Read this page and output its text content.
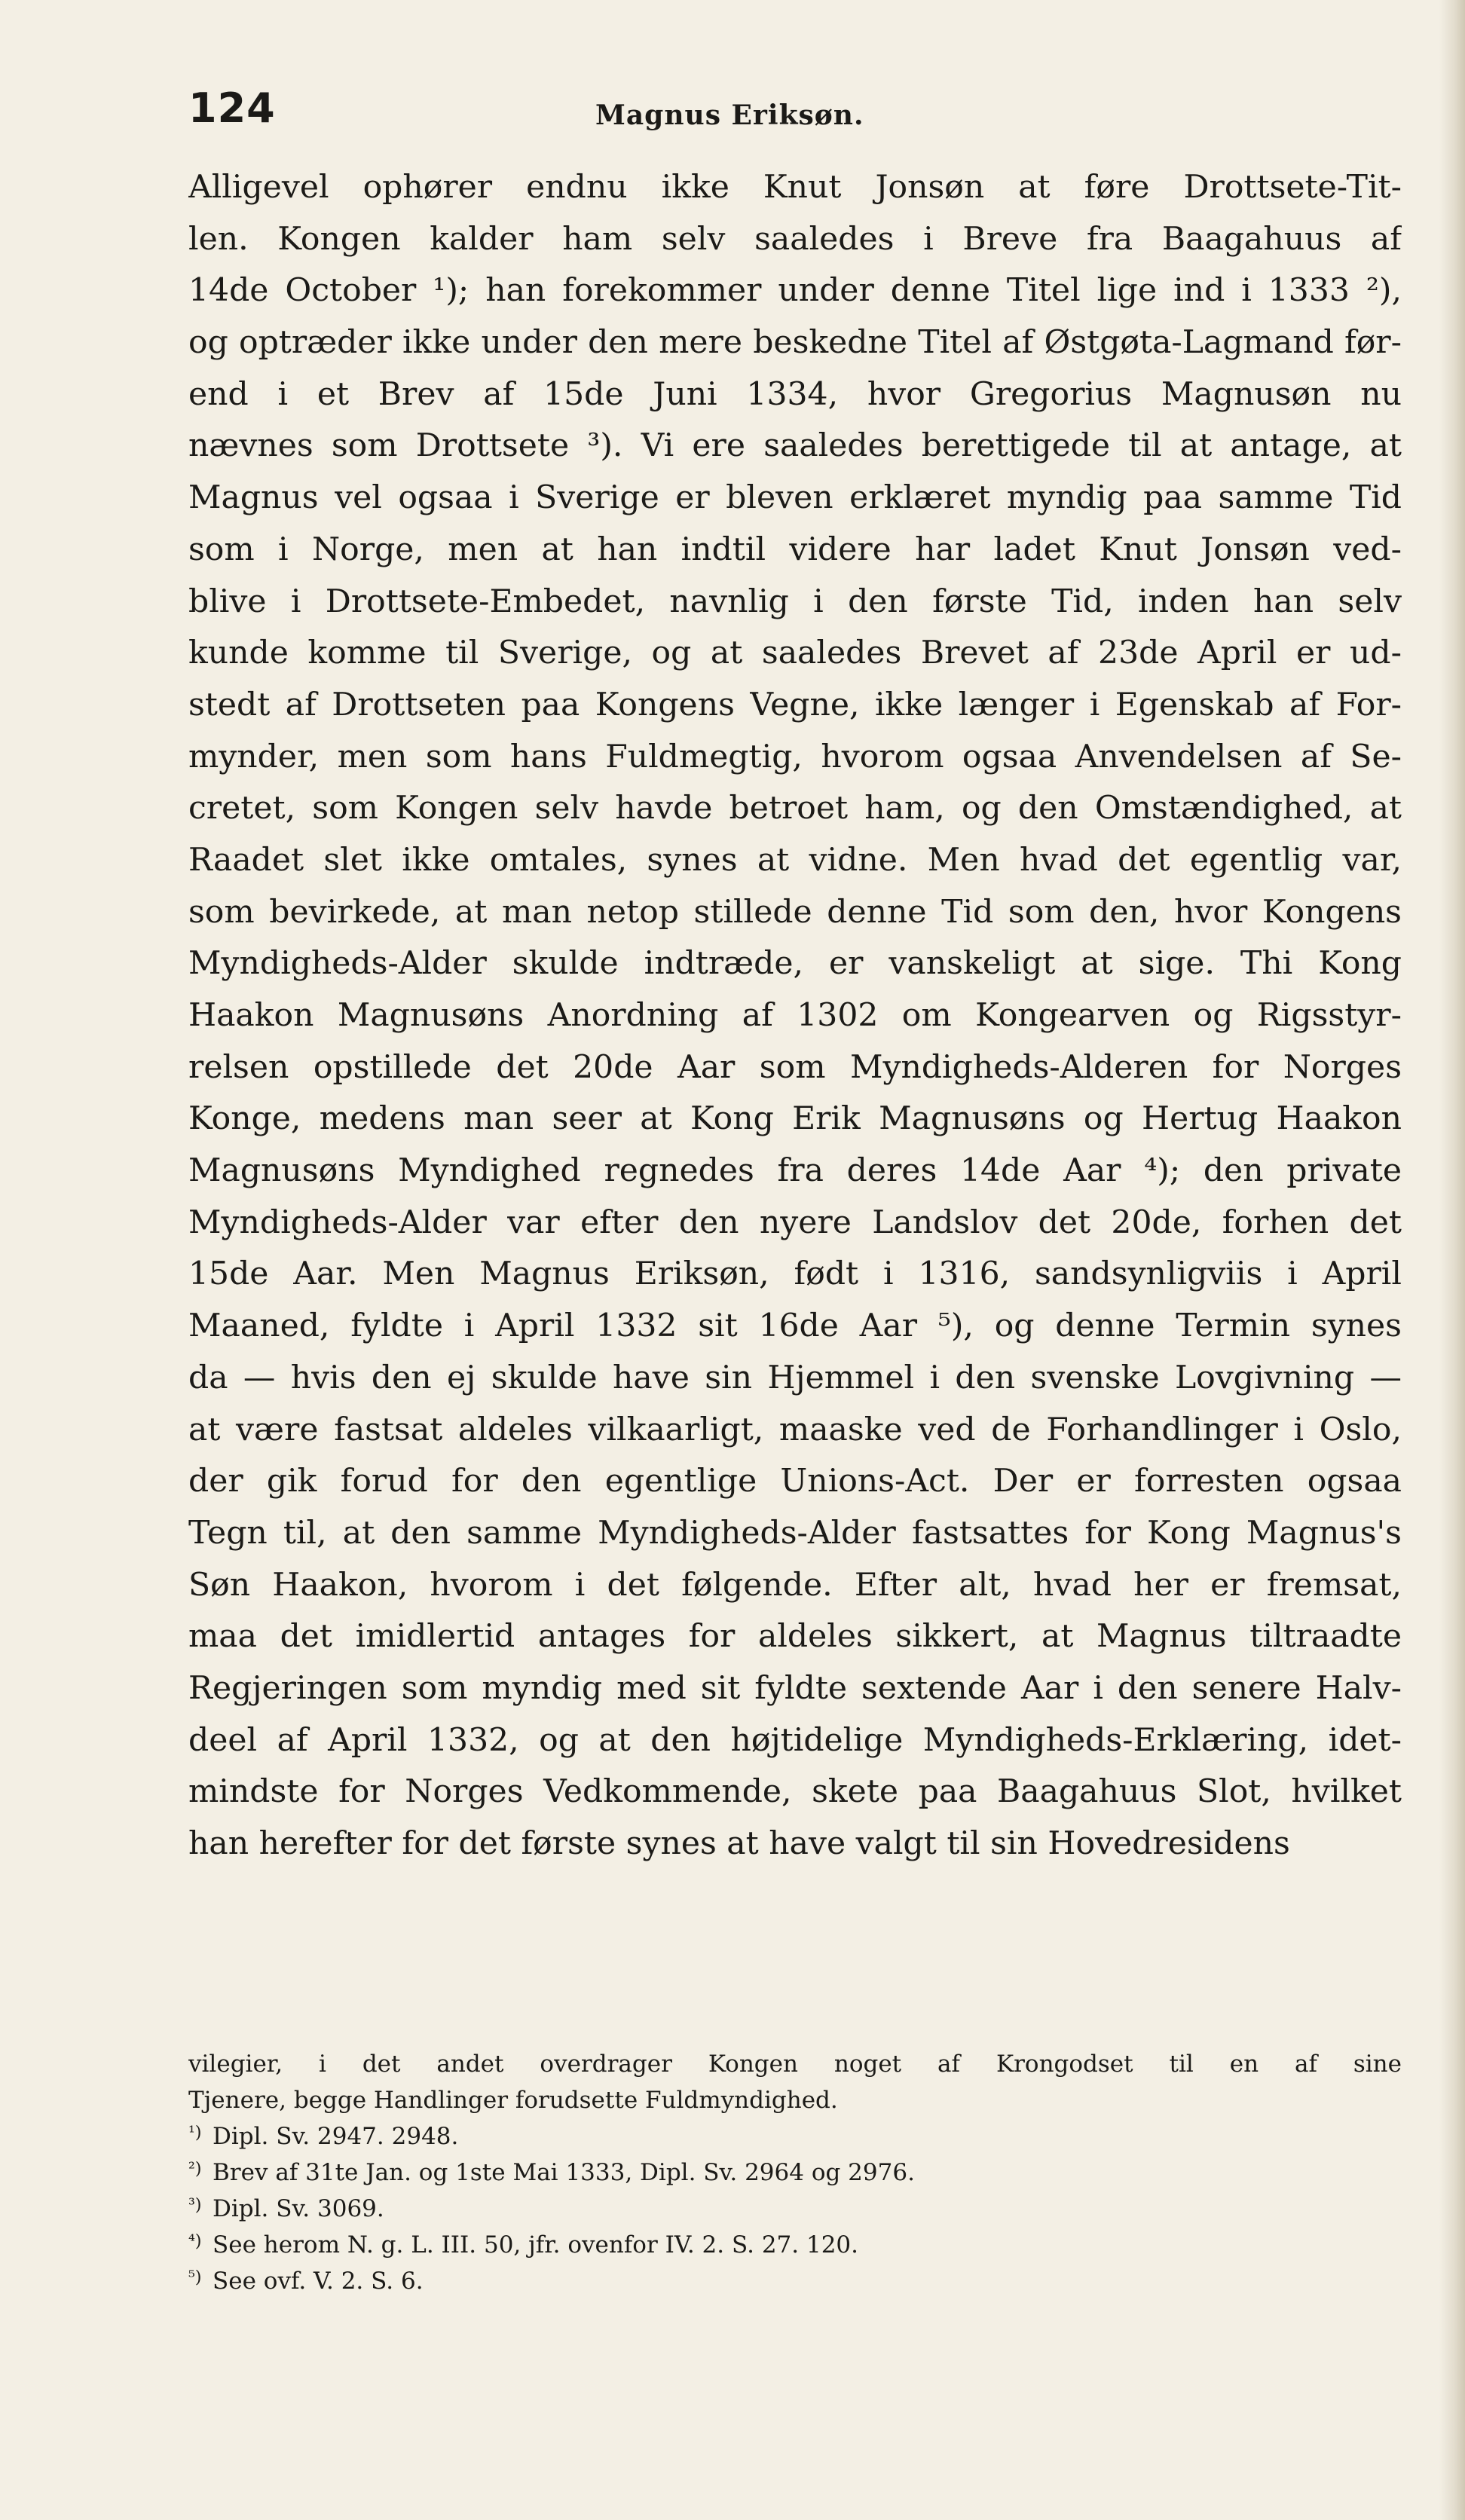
124	Magnus Eriksøn.
Alligevel ophører endnu ikke Knut Jonsøn at føre Drottsete-Tit-
len. Kongen kalder ham selv saaledes i Breve fra Baagahuus af
14de October ¹); han forekommer under denne Titel lige ind i 1333 ²),
og optræder ikke under den mere beskedne Titel af Østgøta-Lagmand før-
end i et Brev af 15de Juni 1334, hvor Gregorius Magnusøn nu
nævnes som Drottsete ³). Vi ere saaledes berettigede til at antage, at
Magnus vel ogsaa i Sverige er bleven erklæret myndig paa samme Tid
som i Norge, men at han indtil videre har ladet Knut Jonsøn ved-
blive i Drottsete-Embedet, navnlig i den første Tid, inden han selv
kunde komme til Sverige, og at saaledes Brevet af 23de April er ud-
stedt af Drottseten paa Kongens Vegne, ikke længer i Egenskab af For-
mynder, men som hans Fuldmegtig, hvorom ogsaa Anvendelsen af Se-
cretet, som Kongen selv havde betroet ham, og den Omstændighed, at
Raadet slet ikke omtales, synes at vidne. Men hvad det egentlig var,
som bevirkede, at man netop stillede denne Tid som den, hvor Kongens
Myndigheds-Alder skulde indtræde, er vanskeligt at sige. Thi Kong
Haakon Magnusøns Anordning af 1302 om Kongearven og Rigsstyr-
relsen opstillede det 20de Aar som Myndigheds-Alderen for Norges
Konge, medens man seer at Kong Erik Magnusøns og Hertug Haakon
Magnusøns Myndighed regnedes fra deres 14de Aar ⁴); den private
Myndigheds-Alder var efter den nyere Landslov det 20de, forhen det
15de Aar. Men Magnus Eriksøn, født i 1316, sandsynligviis i April
Maaned, fyldte i April 1332 sit 16de Aar ⁵), og denne Termin synes
da — hvis den ej skulde have sin Hjemmel i den svenske Lovgivning —
at være fastsat aldeles vilkaarligt, maaske ved de Forhandlinger i Oslo,
der gik forud for den egentlige Unions-Act. Der er forresten ogsaa
Tegn til, at den samme Myndigheds-Alder fastsattes for Kong Magnus's
Søn Haakon, hvorom i det følgende. Efter alt, hvad her er fremsat,
maa det imidlertid antages for aldeles sikkert, at Magnus tiltraadte
Regjeringen som myndig med sit fyldte sextende Aar i den senere Halv-
deel af April 1332, og at den højtidelige Myndigheds-Erklæring, idet-
mindste for Norges Vedkommende, skete paa Baagahuus Slot, hvilket
han herefter for det første synes at have valgt til sin Hovedresidens
vilegier, i det andet overdrager Kongen noget af Krongodset til en af sine
Tjenere, begge Handlinger forudsette Fuldmyndighed.
¹) Dipl. Sv. 2947. 2948.
²) Brev af 31te Jan. og 1ste Mai 1333, Dipl. Sv. 2964 og 2976.
³) Dipl. Sv. 3069.
⁴) See herom N. g. L. III. 50, jfr. ovenfor IV. 2. S. 27. 120.
⁵) See ovf. V. 2. S. 6.
